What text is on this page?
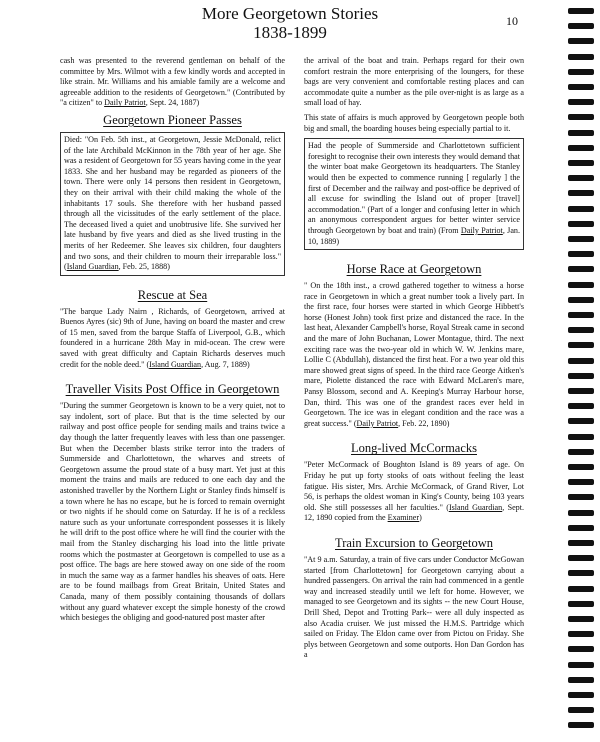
More Georgetown Stories
1838-1899
10

cash was presented to the reverend gentleman on behalf of the committee by Mrs. Wilmot with a few kindly words and accepted in like strain. Mr. Williams and his amiable family are a welcome and agreeable addition to the residents of Georgetown." (Contributed by "a citizen" to Daily Patriot, Sept. 24, 1887)

Georgetown Pioneer Passes

Died: "On Feb. 5th inst., at Georgetown, Jessie McDonald, relict of the late Archibald McKinnon in the 78th year of her age. She was a resident of Georgetown for 55 years having come in the year 1833. She and her husband may be regarded as pioneers of the town. There were only 14 persons then resident in Georgetown, they on their arrival with their child making the whole of the inhabitants 17 souls. She therefore with her husband passed through all the vicissitudes of the early settlement of the place. The deceased lived a quiet and unobtrusive life. She survived her late husband by five years and died as she lived trusting in the merits of her Redeemer. She leaves six children, four daughters and two sons, and their children to mourn their irreparable loss." (Island Guardian, Feb. 25, 1888)

Rescue at Sea

"The barque Lady Nairn , Richards, of Georgetown, arrived at Buenos Ayres (sic) 9th of June, having on board the master and crew of 15 men, saved from the barque Staffa of Liverpool, G.B., which foundered in a hurricane 28th May in mid-ocean. The crew were saved with great difficulty and Captain Richards deserves much credit for the noble deed." (Island Guardian, Aug. 7, 1889)

Traveller Visits Post Office in Georgetown

"During the summer Georgetown is known to be a very quiet, not to say indolent, sort of place. But that is the time selected by our railway and post office people for sending mails and trains twice a day though the latter frequently leaves with less than one passenger. But when the December blasts strike terror into the traders of Summerside and Charlottetown, the wharves and streets of Georgetown assume the proud state of a busy mart. Yet just at this moment the trains and mails are reduced to one each day and the astonished traveller by the Northern Light or Stanley finds himself is a town where he has no escape, but he is forced to remain overnight or two nights if he should come on Saturday. If he is of a reckless nature such as your unfortunate correspondent possesses it is likely he will drift to the post office where he will find the courier with the mail from the Stanley discharging his load into the little private rooms which the postmaster at Georgetown is compelled to use as a post office. The bags are here stowed away on one side of the room in much the same way as a farmer handles his sheaves of oats. Here are to be found mailbags from Great Britain, United States and Canada, many of them possibly containing thousands of dollars without any guard whatever except the simple honesty of the crowd which besieges the obliging and good-natured post master after

the arrival of the boat and train. Perhaps regard for their own comfort restrain the more enterprising of the loungers, for these bags are very convenient and comfortable resting places and can accommodate quite a number as the pile over-night is as large as a small load of hay.

This state of affairs is much approved by Georgetown people both big and small, the boarding houses being especially partial to it.

Had the people of Summerside and Charlottetown sufficient foresight to recognise their own interests they would demand that the winter boat make Georgetown its headquarters. The Stanley would then be expected to commence running [ regularly ] the first of December and the railway and post-office be deprived of all excuse for swindling the Island out of proper [travel] accommodation." (Part of a longer and confusing letter in which an anonymous correspondent argues for better winter service through Georgetown by boat and train) (From Daily Patriot, Jan. 10, 1889)

Horse Race at Georgetown

" On the 18th inst., a crowd gathered together to witness a horse race in Georgetown in which a great number took a lively part. In the first race, four horses were started in which George Hibbett's horse (Honest John) took first prize and distanced the race. In the last heat, Alexander Campbell's horse, Royal Streak came in second and the mare of John Buchanan, Lower Montague, third. The next exciting race was the two-year old in which W. W. Jenkins mare, Lollie C (Abdullah), distanced the first heat. For a two year old this mare showed great signs of speed. In the third race George Aitken's mare, Piolette distanced the race with Edward McLaren's mare, Pansy Blossom, second and A. Keeping's Murray Harbour horse, Dan, third. This was one of the grandest races ever held in Georgetown. The ice was in elegant condition and the race was a great success." (Daily Patriot, Feb. 22, 1890)

Long-lived McCormacks

"Peter McCormack of Boughton Island is 89 years of age. On Friday he put up forty stooks of oats without feeling the least fatigue. His sister, Mrs. Archie McCormack, of Grand River, Lot 56, is perhaps the oldest woman in King's County, being 103 years old. She still possesses all her faculties." (Island Guardian, Sept. 12, 1890 copied from the Examiner)

Train Excursion to Georgetown

"At 9 a.m. Saturday, a train of five cars under Conductor McGowan started [from Charlottetown] for Georgetown carrying about a hundred passengers. On arrival the rain had commenced in a gentle way and increased steadily until we left for home. However, we managed to see Georgetown and its sights -- the new Court House, Drill Shed, Depot and Trotting Park-- were all duly inspected as also Acadia cruiser. We just missed the H.M.S. Partridge which sailed on Friday. The Eldon came over from Pictou on Friday. She plys between Georgetown and some outports. Hon Dan Gordon has a
